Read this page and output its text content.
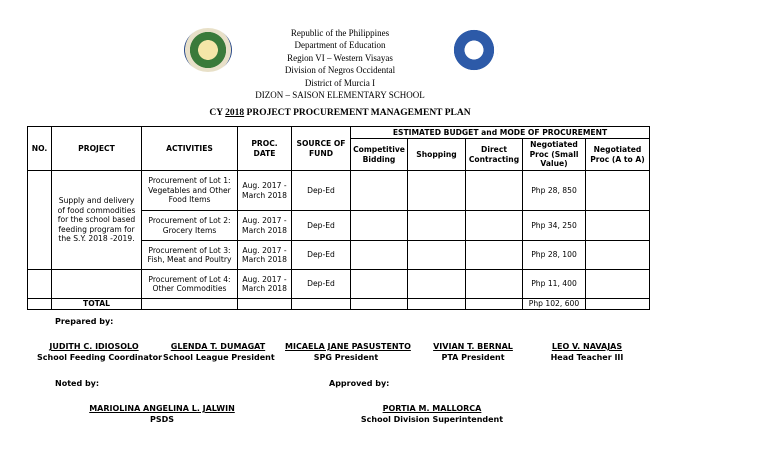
Republic of the Philippines
Department of Education
Region VI – Western Visayas
Division of Negros Occidental
District of Murcia I
DIZON – SAISON ELEMENTARY SCHOOL
CY 2018 PROJECT PROCUREMENT MANAGEMENT PLAN
NO.	PROJECT	ACTIVITIES	PROC. DATE	SOURCE OF FUND	ESTIMATED BUDGET and MODE OF PROCUREMENT				
					Competitive Bidding	Shopping	Direct Contracting	Negotiated Proc (Small Value)	Negotiated Proc (A to A)
	Supply and delivery of food commodities for the school based feeding program for the S.Y. 2018 -2019.	Procurement of Lot 1: Vegetables and Other Food Items	Aug. 2017 - March 2018	Dep-Ed				Php 28, 850	
		Procurement of Lot 2: Grocery Items	Aug. 2017 - March 2018	Dep-Ed				Php 34, 250	
		Procurement of Lot 3: Fish, Meat and Poultry	Aug. 2017 - March 2018	Dep-Ed				Php 28, 100	
		Procurement of Lot 4: Other Commodities	Aug. 2017 - March 2018	Dep-Ed				Php 11, 400	
	TOTAL							Php 102, 600	
Prepared by:
JUDITH C. IDIOSOLO
School Feeding Coordinator
GLENDA T. DUMAGAT
School League President
MICAELA JANE PASUSTENTO
SPG President
VIVIAN T. BERNAL
PTA President
LEO V. NAVAJAS
Head Teacher III
Noted by:	Approved by:
MARIOLINA ANGELINA L. JALWIN
PSDS
PORTIA M. MALLORCA
School Division Superintendent
